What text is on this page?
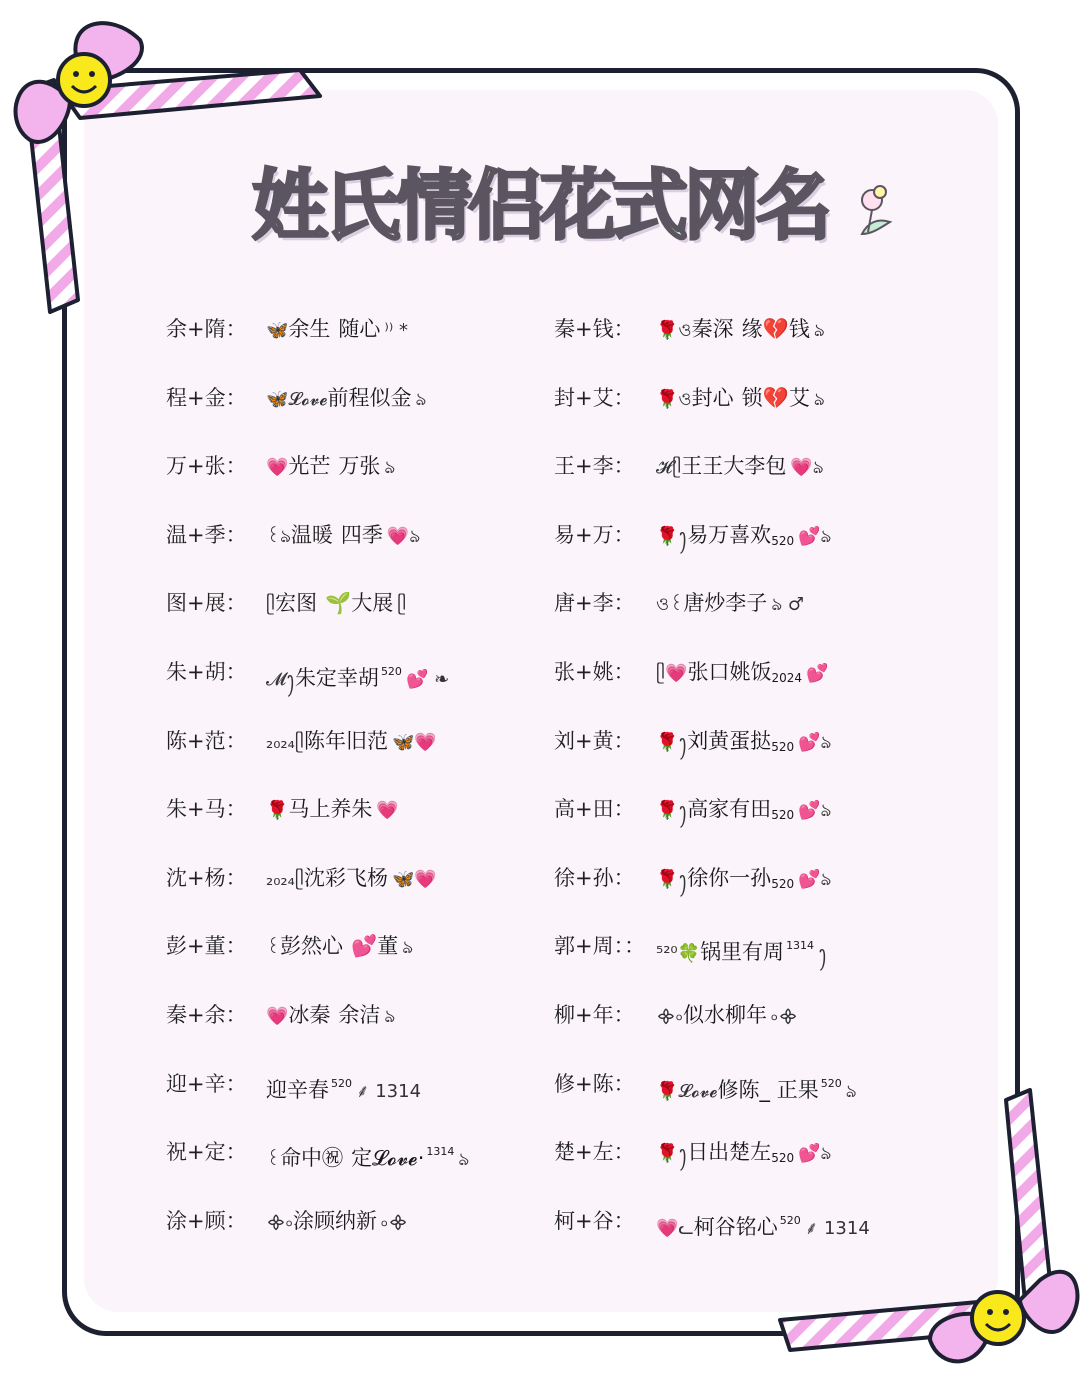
姓
氏
情
侣
花
式
网
名
余+隋： 🦋余生 随心 ⁾⁾ *
程+金： 🦋𝓛𝓸𝓿𝓮前程似金 ঌ
万+张： 💗光芒 万张 ঌ
温+季： ꒰ঌ温暖 四季 💗ঌ
图+展： ᥫ宏图 🌱大展 ᥫ
朱+胡： 𝓜ꫂ朱定幸胡 $^{520}$ 💕 ❧
陈+范： ₂₀₂₄ᥫ陈年旧范 🦋💗
朱+马： 🌹马上养朱 💗
沈+杨： ₂₀₂₄ᥫ沈彩飞杨 🦋💗
彭+董： ꒰彭然心 💕董 ঌ
秦+余： 💗冰秦 余洁 ঌ
迎+辛： 迎辛春 $^{520}$ ⸙ 1314
祝+定： ꒰命中㊗ 定𝓛𝓸𝓿𝓮· $^{1314}$ ঌ
涂+顾： ᯽৹涂顾纳新 ৹᯽
秦+钱： 🌹ও秦深 缘💔钱 ঌ
封+艾： 🌹ও封心 锁💔艾 ঌ
王+李： 𝓗ᥫ王王大李包 💗ঌ
易+万： 🌹ꫂ易万喜欢$_{520}$ 💕ঌ
唐+李： ও꒰唐炒李子 ঌ ♂
张+姚： ᥫ💗张口姚饭$_{2024}$ 💕
刘+黄： 🌹ꫂ刘黄蛋挞$_{520}$ 💕ঌ
高+田： 🌹ꫂ高家有田$_{520}$ 💕ঌ
徐+孙： 🌹ꫂ徐你一孙$_{520}$ 💕ঌ
郭+周：： ⁵²⁰🍀锅里有周 $^{1314}$ ꫂ
柳+年： ᯽৹似水柳年 ৹᯽
修+陈： 🌹𝓛𝓸𝓿𝓮修陈_ 正果 $^{520}$ ঌ
楚+左： 🌹ꫂ日出楚左$_{520}$ 💕ঌ
柯+谷： 💗ᓚ柯谷铭心 $^{520}$ ⸙ 1314
